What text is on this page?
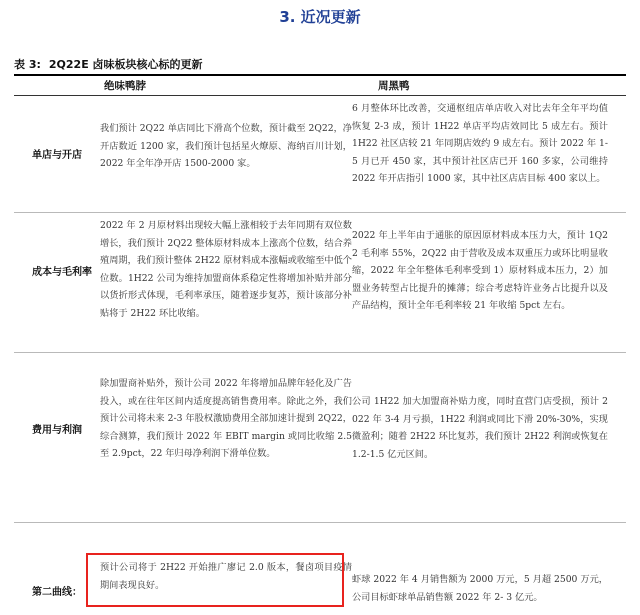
3. 近况更新
表 3: 2Q22E 卤味板块核心标的更新
绝味鸭脖	周黑鸭
单店与开店
我们预计 2Q22 单店同比下滑高个位数，预计截至 2Q22，净开店数近 1200 家，我们预计包括星火燎原、海纳百川计划，2022 年全年净开店 1500-2000 家。
6 月整体环比改善，交通枢纽店单店收入对比去年全年平均值恢复 2-3 成，预计 1H22 单店平均店效同比 5 成左右。预计 1H22 社区店较 21 年同期店效约 9 成左右。预计 2022 年 1-5 月已开 450 家，其中预计社区店已开 160 多家，公司维持 2022 年开店指引 1000 家，其中社区店店目标 400 家以上。
成本与毛利率
2022 年 2 月原材料出现较大幅上涨相较于去年同期有双位数增长，我们预计 2Q22 整体原材料成本上涨高个位数，结合养殖周期，我们预计整体 2H22 原材料成本涨幅或收缩至中低个位数。1H22 公司为维持加盟商体系稳定性将增加补贴并部分以货折形式体现，毛利率承压，随着逐步复苏，预计该部分补贴将于 2H22 环比收缩。
2022 年上半年由于通胀的原因原材料成本压力大，预计 1Q22 毛利率 55%，2Q22 由于营收及成本双重压力或环比明显收缩，2022 年全年整体毛利率受到 1）原材料成本压力，2）加盟业务转型占比提升的摊薄；综合考虑特许业务占比提升以及产品结构，预计全年毛利率较 21 年收缩 5pct 左右。
费用与利润
除加盟商补贴外，预计公司 2022 年将增加品牌年轻化及广告投入，或在往年区间内适度提高销售费用率。除此之外，我们预计公司将未来 2-3 年股权激励费用全部加速计提到 2Q22，综合测算，我们预计 2022 年 EBIT margin 或同比收缩 2.5 至 2.9pct，22 年归母净利润下滑单位数。
公司 1H22 加大加盟商补贴力度，同时直营门店受损，预计 2022 年 3-4 月亏损，1H22 利润或同比下滑 20%-30%，实现微盈利；随着 2H22 环比复苏，我们预计 2H22 利润或恢复在 1.2-1.5 亿元区间。
第二曲线：
预计公司将于 2H22 开始推广廖记 2.0 版本，餐卤项目疫情期间表现良好。	虾球 2022 年 4 月销售额为 2000 万元，5 月超 2500 万元，公司目标虾球单品销售额 2022 年 2- 3 亿元。
